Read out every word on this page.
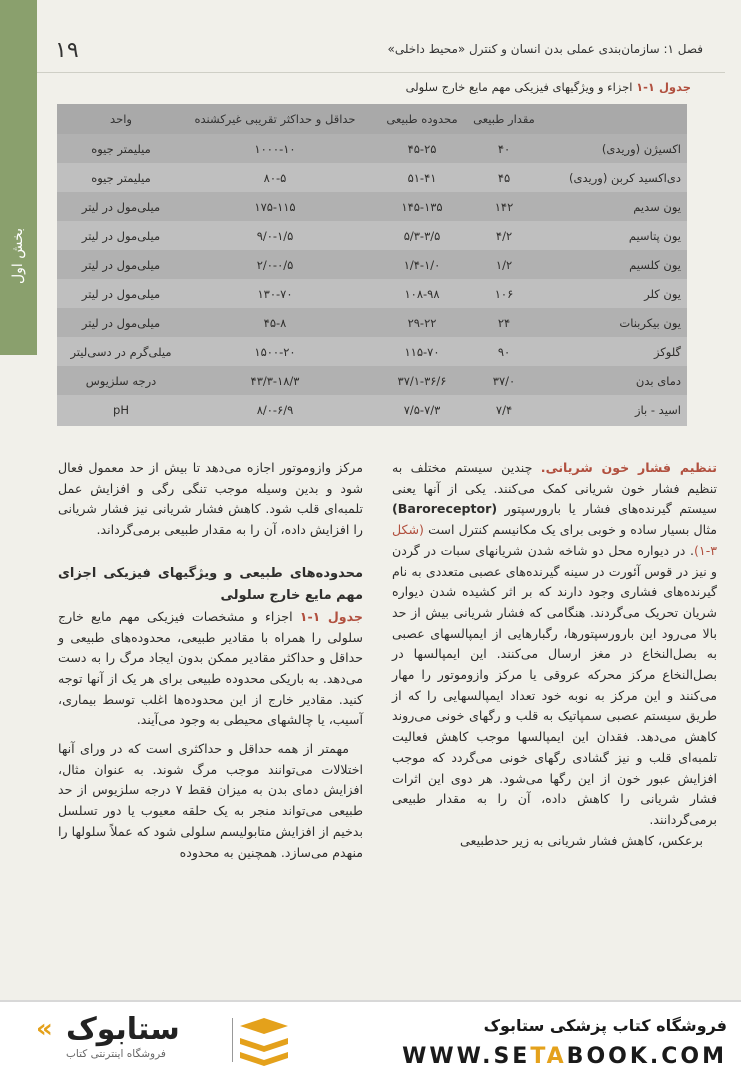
بخش اول
۱۹	فصل ۱: سازمان‌بندی عملی بدن انسان و کنترل «محیط داخلی»
جدول ۱-۱ اجزاء و ویژگیهای فیزیکی مهم مایع خارج سلولی
مقدار طبیعی
محدوده طبیعی
حداقل و حداکثر تقریبی غیرکشنده
واحد
اکسیژن (وریدی)
۴۰
۴۵-۲۵
۱۰۰۰-۱۰
میلیمتر جیوه
دی‌اکسید کربن (وریدی)
۴۵
۵۱-۴۱
۸۰-۵
میلیمتر جیوه
یون سدیم
۱۴۲
۱۴۵-۱۳۵
۱۷۵-۱۱۵
میلی‌مول در لیتر
یون پتاسیم
۴/۲
۵/۳-۳/۵
۹/۰-۱/۵
میلی‌مول در لیتر
یون کلسیم
۱/۲
۱/۴-۱/۰
۲/۰-۰/۵
میلی‌مول در لیتر
یون کلر
۱۰۶
۱۰۸-۹۸
۱۳۰-۷۰
میلی‌مول در لیتر
یون بیکربنات
۲۴
۲۹-۲۲
۴۵-۸
میلی‌مول در لیتر
گلوکز
۹۰
۱۱۵-۷۰
۱۵۰۰-۲۰
میلی‌گرم در دسی‌لیتر
دمای بدن
۳۷/۰
۳۷/۱-۳۶/۶
۴۳/۳-۱۸/۳
درجه سلزیوس
اسید - باز
۷/۴
۷/۵-۷/۳
۸/۰-۶/۹
pH

تنظیم فشار خون شریانی. چندین سیستم مختلف به تنظیم فشار خون شریانی کمک می‌کنند. یکی از آنها یعنی سیستم گیرنده‌های فشار یا بارورسپتور (Baroreceptor) مثال بسیار ساده و خوبی برای یک مکانیسم کنترل است (شکل ۳-۱). در دیواره محل دو شاخه شدن شریانهای سبات در گردن و نیز در قوس آئورت در سینه گیرنده‌های عصبی متعددی به نام گیرنده‌های فشاری وجود دارند که بر اثر کشیده شدن دیواره شریان تحریک می‌گردند. هنگامی که فشار شریانی بیش از حد بالا می‌رود این بارورسپتورها، رگبارهایی از ایمپالسهای عصبی به بصل‌النخاع در مغز ارسال می‌کنند. این ایمپالسها در بصل‌النخاع مرکز محرکه عروقی یا مرکز وازوموتور را مهار می‌کنند و این مرکز به نوبه خود تعداد ایمپالسهایی را که از طریق سیستم عصبی سمپاتیک به قلب و رگهای خونی می‌روند کاهش می‌دهد. فقدان این ایمپالسها موجب کاهش فعالیت تلمبه‌ای قلب و نیز گشادی رگهای خونی می‌گردد که موجب افزایش عبور خون از این رگها می‌شود. هر دوی این اثرات فشار شریانی را کاهش داده، آن را به مقدار طبیعی برمی‌گردانند.

برعکس، کاهش فشار شریانی به زیر حدطبیعی

مرکز وازوموتور اجازه می‌دهد تا بیش از حد معمول فعال شود و بدین وسیله موجب تنگی رگی و افزایش عمل تلمبه‌ای قلب شود. کاهش فشار شریانی نیز فشار شریانی را افزایش داده، آن را به مقدار طبیعی برمی‌گرداند.

محدوده‌های طبیعی و ویژگیهای فیزیکی اجزای مهم مایع خارج سلولی

جدول ۱-۱ اجزاء و مشخصات فیزیکی مهم مایع خارج سلولی را همراه با مقادیر طبیعی، محدوده‌های طبیعی و حداقل و حداکثر مقادیر ممکن بدون ایجاد مرگ را به دست می‌دهد. به باریکی محدوده طبیعی برای هر یک از آنها توجه کنید. مقادیر خارج از این محدوده‌ها اغلب توسط بیماری، آسیب، یا چالشهای محیطی به وجود می‌آیند.

مهمتر از همه حداقل و حداکثری است که در ورای آنها اختلالات می‌توانند موجب مرگ شوند. به عنوان مثال، افزایش دمای بدن به میزان فقط ۷ درجه سلزیوس از حد طبیعی می‌تواند منجر به یک حلقه معیوب یا دور تسلسل بدخیم از افزایش متابولیسم سلولی شود که عملاً سلولها را منهدم می‌سازد. همچنین به محدوده

فروشگاه کتاب پزشکی ستابوک
WWW.SETABOOK.COM
« ستابوک
فروشگاه اینترنتی کتاب
